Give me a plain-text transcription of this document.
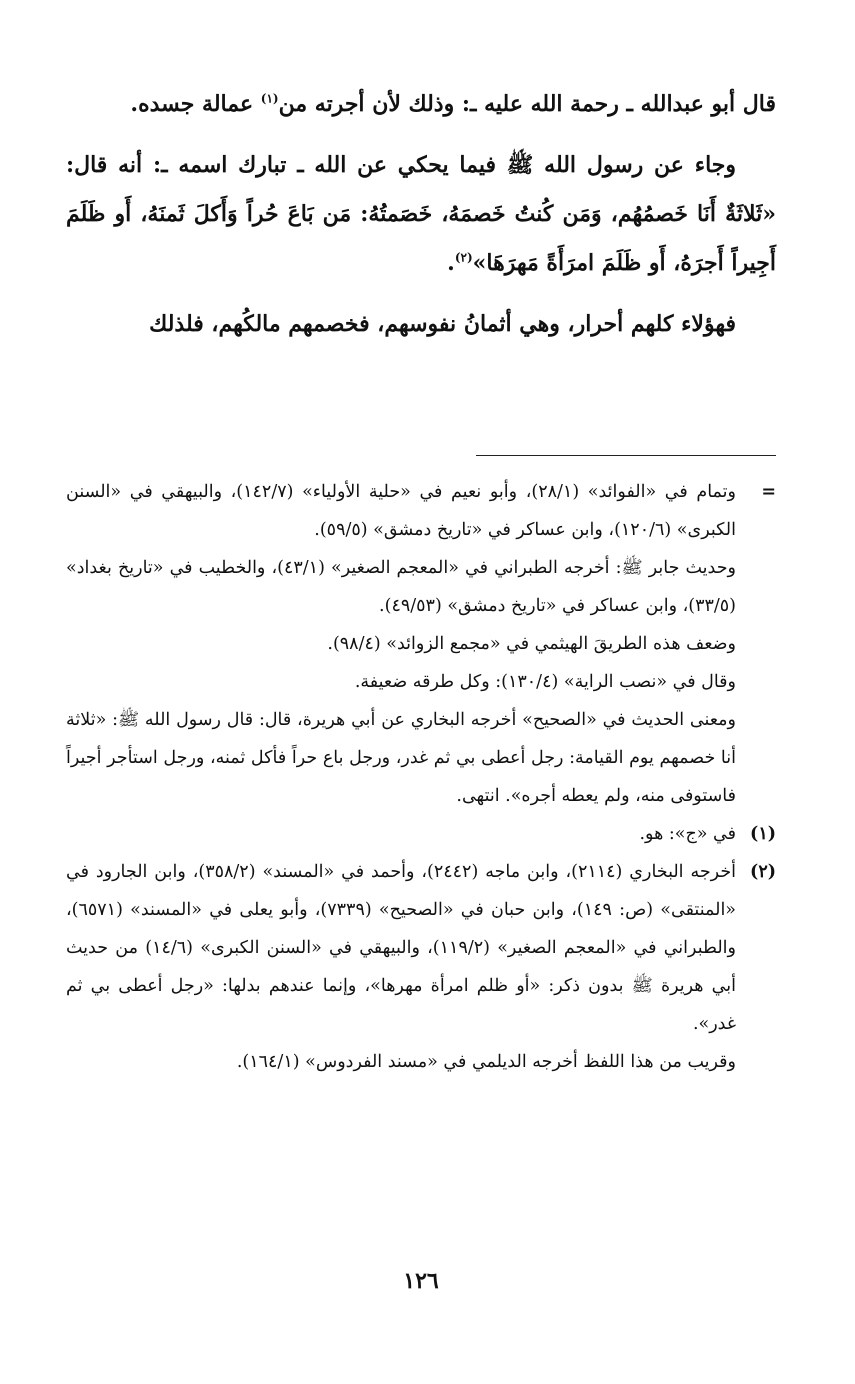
قال أبو عبدالله ـ رحمة الله عليه ـ: وذلك لأن أجرته من$^{(١)}$ عمالة جسده.

وجاء عن رسول الله ﷺ فيما يحكي عن الله ـ تبارك اسمه ـ: أنه قال: «ثَلاثَةٌ أَنَا خَصمُهُم، وَمَن كُنتُ خَصمَهُ، خَصَمتُهُ: مَن بَاعَ حُراً وَأَكلَ ثَمنَهُ، أَو ظَلَمَ أَجِيراً أَجرَهُ، أَو ظَلَمَ امرَأَةً مَهرَهَا»$^{(٢)}$.

فهؤلاء كلهم أحرار، وهي أثمانُ نفوسهم، فخصمهم مالكُهم، فلذلك

=
وتمام في «الفوائد» (٢٨/١)، وأبو نعيم في «حلية الأولياء» (١٤٢/٧)، والبيهقي في «السنن الكبرى» (١٢٠/٦)، وابن عساكر في «تاريخ دمشق» (٥٩/٥).

وحديث جابر ﷺ: أخرجه الطبراني في «المعجم الصغير» (٤٣/١)، والخطيب في «تاريخ بغداد» (٣٣/٥)، وابن عساكر في «تاريخ دمشق» (٤٩/٥٣).

وضعف هذه الطريقَ الهيثمي في «مجمع الزوائد» (٩٨/٤).

وقال في «نصب الراية» (١٣٠/٤): وكل طرقه ضعيفة.

ومعنى الحديث في «الصحيح» أخرجه البخاري عن أبي هريرة، قال: قال رسول الله ﷺ: «ثلاثة أنا خصمهم يوم القيامة: رجل أعطى بي ثم غدر، ورجل باع حراً فأكل ثمنه، ورجل استأجر أجيراً فاستوفى منه، ولم يعطه أجره». انتهى.

(١)
في «ج»: هو.

(٢)
أخرجه البخاري (٢١١٤)، وابن ماجه (٢٤٤٢)، وأحمد في «المسند» (٣٥٨/٢)، وابن الجارود في «المنتقى» (ص: ١٤٩)، وابن حبان في «الصحيح» (٧٣٣٩)، وأبو يعلى في «المسند» (٦٥٧١)، والطبراني في «المعجم الصغير» (١١٩/٢)، والبيهقي في «السنن الكبرى» (١٤/٦) من حديث أبي هريرة ﷺ بدون ذكر: «أو ظلم امرأة مهرها»، وإنما عندهم بدلها: «رجل أعطى بي ثم غدر».

وقريب من هذا اللفظ أخرجه الديلمي في «مسند الفردوس» (١٦٤/١).

١٢٦
